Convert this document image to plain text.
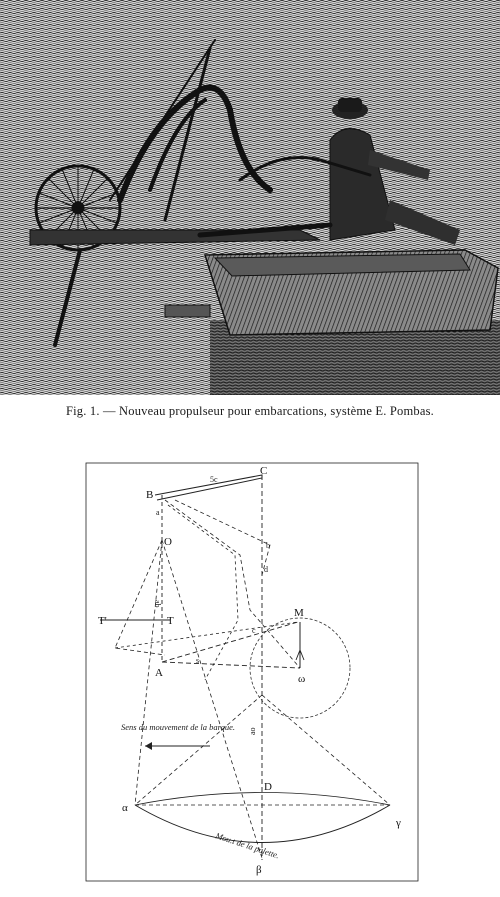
Fig. 1. — Nouveau propulseur pour embarcations, système E. Pombas.
B
C
O
T
T'
A
M
ω
D
α
γ
β
a
b
c
d
5c
ab
s
ao
Sens du mouvement de la barque.
Mou.t de la palette.
